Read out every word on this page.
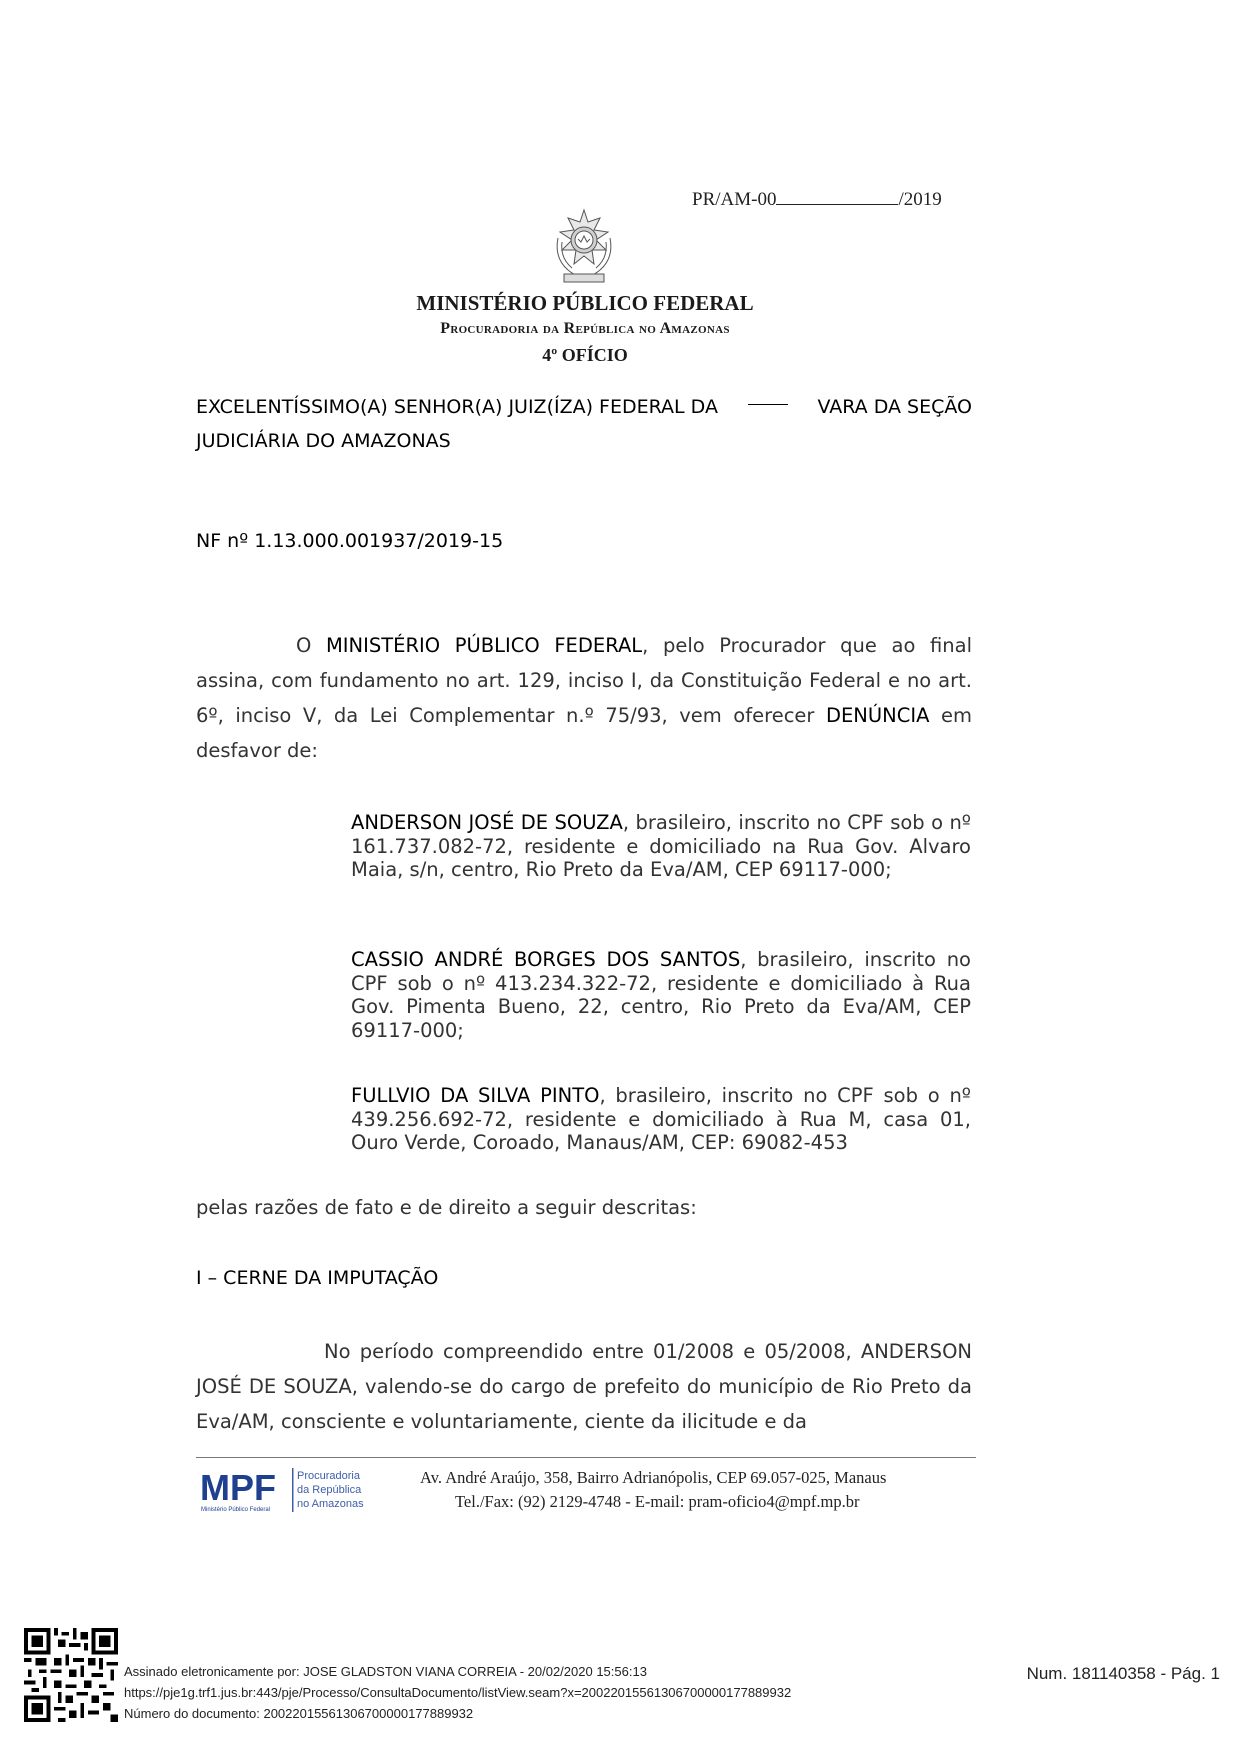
PR/AM-00	/2019
MINISTÉRIO PÚBLICO FEDERAL
Procuradoria da República no Amazonas
4º OFÍCIO
EXCELENTÍSSIMO(A) SENHOR(A) JUIZ(ÍZA) FEDERAL DA	VARA DA SEÇÃO
JUDICIÁRIA DO AMAZONAS
NF nº 1.13.000.001937/2019-15
O MINISTÉRIO PÚBLICO FEDERAL, pelo Procurador que ao final assina, com fundamento no art. 129, inciso I, da Constituição Federal e no art. 6º, inciso V, da Lei Complementar n.º 75/93, vem oferecer DENÚNCIA em desfavor de:
ANDERSON JOSÉ DE SOUZA, brasileiro, inscrito no CPF sob o nº 161.737.082-72, residente e domiciliado na Rua Gov. Alvaro Maia, s/n, centro, Rio Preto da Eva/AM, CEP 69117-000;
CASSIO ANDRÉ BORGES DOS SANTOS, brasileiro, inscrito no CPF sob o nº 413.234.322-72, residente e domiciliado à Rua Gov. Pimenta Bueno, 22, centro, Rio Preto da Eva/AM, CEP 69117-000;
FULLVIO DA SILVA PINTO, brasileiro, inscrito no CPF sob o nº 439.256.692-72, residente e domiciliado à Rua M, casa 01, Ouro Verde, Coroado, Manaus/AM, CEP: 69082-453
pelas razões de fato e de direito a seguir descritas:
I – CERNE DA IMPUTAÇÃO
No período compreendido entre 01/2008 e 05/2008, ANDERSON JOSÉ DE SOUZA, valendo-se do cargo de prefeito do município de Rio Preto da Eva/AM, consciente e voluntariamente, ciente da ilicitude e da
MPF
Ministério Público Federal
Procuradoria
da República
no Amazonas
Av. André Araújo, 358, Bairro Adrianópolis, CEP 69.057-025, Manaus
Tel./Fax: (92) 2129-4748 - E-mail: pram-oficio4@mpf.mp.br
Assinado eletronicamente por: JOSE GLADSTON VIANA CORREIA - 20/02/2020 15:56:13
https://pje1g.trf1.jus.br:443/pje/Processo/ConsultaDocumento/listView.seam?x=20022015561306700000177889932
Número do documento: 20022015561306700000177889932
Num. 181140358 - Pág. 1
